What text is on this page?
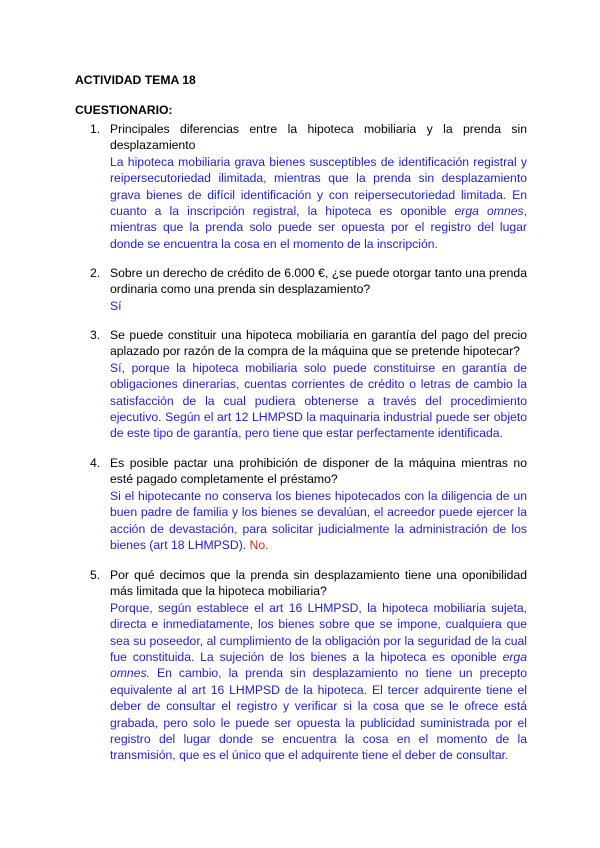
ACTIVIDAD TEMA 18
CUESTIONARIO:
1. Principales diferencias entre la hipoteca mobiliaria y la prenda sin desplazamiento
La hipoteca mobiliaria grava bienes susceptibles de identificación registral y reipersecutoriedad ilimitada, mientras que la prenda sin desplazamiento grava bienes de difícil identificación y con reipersecutoriedad limitada. En cuanto a la inscripción registral, la hipoteca es oponible erga omnes, mientras que la prenda solo puede ser opuesta por el registro del lugar donde se encuentra la cosa en el momento de la inscripción.
2. Sobre un derecho de crédito de 6.000 €, ¿se puede otorgar tanto una prenda ordinaria como una prenda sin desplazamiento?
Sí
3. Se puede constituir una hipoteca mobiliaria en garantía del pago del precio aplazado por razón de la compra de la máquina que se pretende hipotecar?
Sí, porque la hipoteca mobiliaria solo puede constituirse en garantía de obligaciones dinerarias, cuentas corrientes de crédito o letras de cambio la satisfacción de la cual pudiera obtenerse a través del procedimiento ejecutivo. Según el art 12 LHMPSD la maquinaria industrial puede ser objeto de este tipo de garantía, pero tiene que estar perfectamente identificada.
4. Es posible pactar una prohibición de disponer de la máquina mientras no esté pagado completamente el préstamo?
Si el hipotecante no conserva los bienes hipotecados con la diligencia de un buen padre de familia y los bienes se devalúan, el acreedor puede ejercer la acción de devastación, para solicitar judicialmente la administración de los bienes (art 18 LHMPSD). No.
5. Por qué decimos que la prenda sin desplazamiento tiene una oponibilidad más limitada que la hipoteca mobiliaria?
Porque, según establece el art 16 LHMPSD, la hipoteca mobiliaria sujeta, directa e inmediatamente, los bienes sobre que se impone, cualquiera que sea su poseedor, al cumplimiento de la obligación por la seguridad de la cual fue constituida. La sujeción de los bienes a la hipoteca es oponible erga omnes. En cambio, la prenda sin desplazamiento no tiene un precepto equivalente al art 16 LHMPSD de la hipoteca. El tercer adquirente tiene el deber de consultar el registro y verificar si la cosa que se le ofrece está grabada, pero solo le puede ser opuesta la publicidad suministrada por el registro del lugar donde se encuentra la cosa en el momento de la transmisión, que es el único que el adquirente tiene el deber de consultar.
